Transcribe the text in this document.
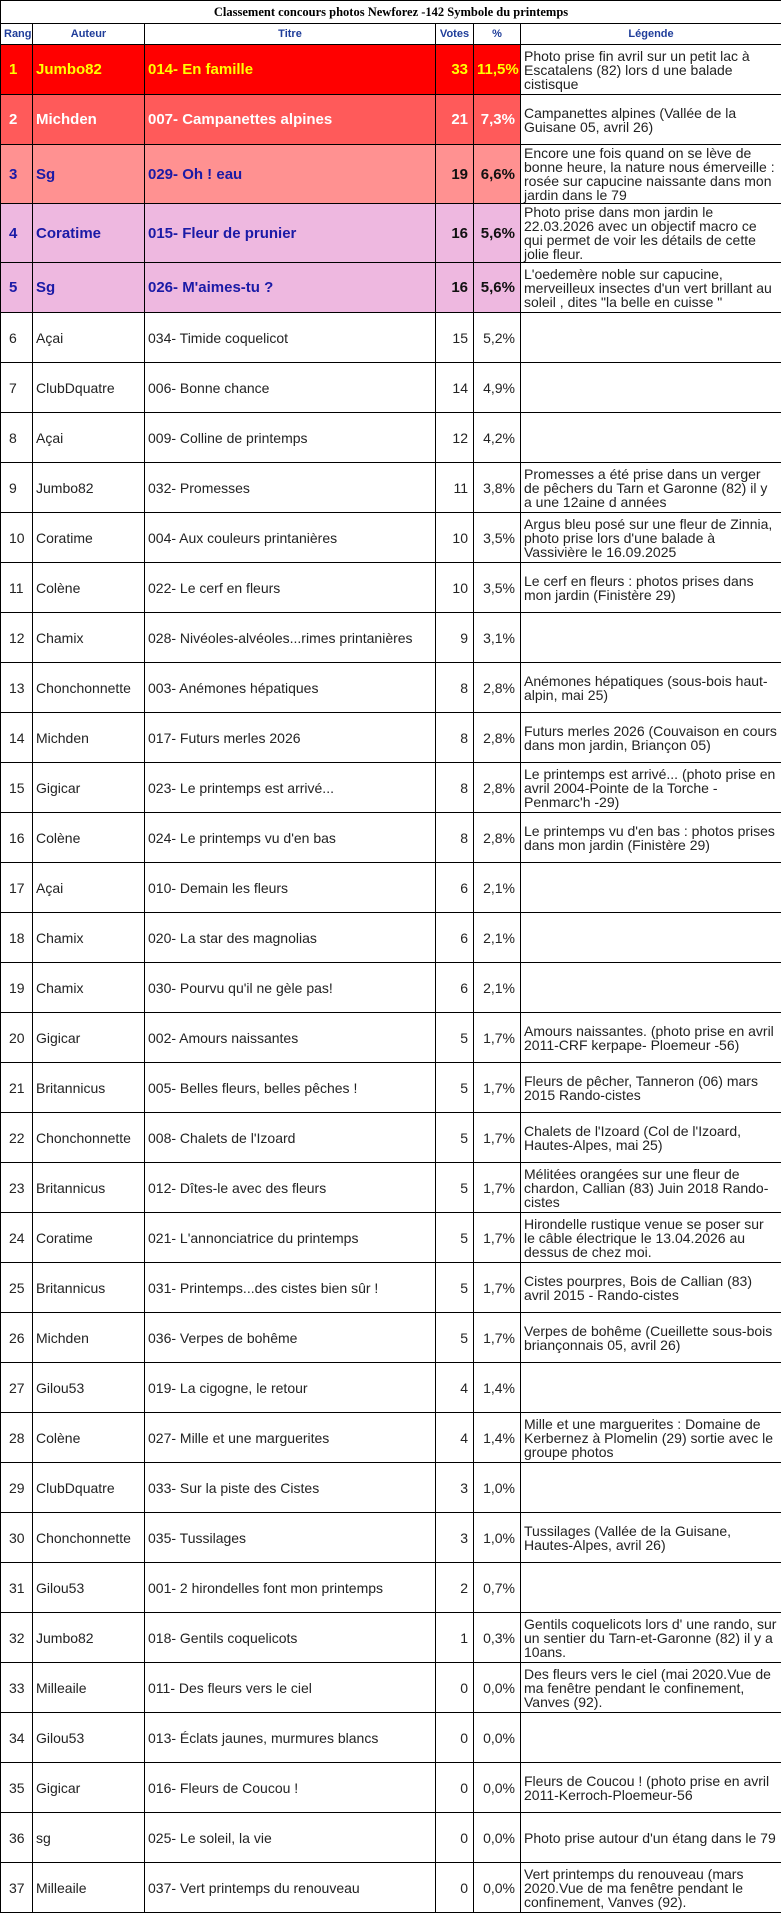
Classement concours photos Newforez -142 Symbole du printemps					
Rang	Auteur	Titre	Votes	%	Légende
1	Jumbo82	014- En famille	33	11,5%	Photo prise fin avril sur un petit lac à Escatalens (82) lors d une balade cistisque
2	Michden	007- Campanettes alpines	21	7,3%	Campanettes alpines (Vallée de la Guisane 05, avril 26)
3	Sg	029- Oh ! eau	19	6,6%	Encore une fois quand on se lève de bonne heure, la nature nous émerveille : rosée sur capucine naissante dans mon jardin dans le 79
4	Coratime	015- Fleur de prunier	16	5,6%	Photo prise dans mon jardin le 22.03.2026 avec un objectif macro ce qui permet de voir les détails de cette jolie fleur.
5	Sg	026- M'aimes-tu ?	16	5,6%	L'oedemère noble sur capucine, merveilleux insectes d'un vert brillant au soleil , dites "la belle en cuisse "
6	Açai	034- Timide coquelicot	15	5,2%	
7	ClubDquatre	006- Bonne chance	14	4,9%	
8	Açai	009- Colline de printemps	12	4,2%	
9	Jumbo82	032- Promesses	11	3,8%	Promesses a été prise dans un verger de pêchers du Tarn et Garonne (82) il y a une 12aine d années
10	Coratime	004- Aux couleurs printanières	10	3,5%	Argus bleu posé sur une fleur de Zinnia, photo prise lors d'une balade à Vassivière le 16.09.2025
11	Colène	022- Le cerf en fleurs	10	3,5%	Le cerf en fleurs : photos prises dans mon jardin (Finistère 29)
12	Chamix	028- Nivéoles-alvéoles...rimes printanières	9	3,1%	
13	Chonchonnette	003- Anémones hépatiques	8	2,8%	Anémones hépatiques (sous-bois haut-alpin, mai 25)
14	Michden	017- Futurs merles 2026	8	2,8%	Futurs merles 2026 (Couvaison en cours dans mon jardin, Briançon 05)
15	Gigicar	023- Le printemps est arrivé...	8	2,8%	Le printemps est arrivé... (photo prise en avril 2004-Pointe de la Torche - Penmarc'h -29)
16	Colène	024- Le printemps vu d'en bas	8	2,8%	Le printemps vu d'en bas : photos prises dans mon jardin (Finistère 29)
17	Açai	010- Demain les fleurs	6	2,1%	
18	Chamix	020- La star des magnolias	6	2,1%	
19	Chamix	030- Pourvu qu'il ne gèle pas!	6	2,1%	
20	Gigicar	002- Amours naissantes	5	1,7%	Amours naissantes. (photo prise en avril 2011-CRF kerpape- Ploemeur -56)
21	Britannicus	005- Belles fleurs, belles pêches !	5	1,7%	Fleurs de pêcher, Tanneron (06) mars 2015 Rando-cistes
22	Chonchonnette	008- Chalets de l'Izoard	5	1,7%	Chalets de l'Izoard (Col de l'Izoard, Hautes-Alpes, mai 25)
23	Britannicus	012- Dîtes-le avec des fleurs	5	1,7%	Mélitées orangées sur une fleur de chardon, Callian (83) Juin 2018 Rando-cistes
24	Coratime	021- L'annonciatrice du printemps	5	1,7%	Hirondelle rustique venue se poser sur le câble électrique le 13.04.2026 au dessus de chez moi.
25	Britannicus	031- Printemps...des cistes bien sûr !	5	1,7%	Cistes pourpres, Bois de Callian (83) avril 2015 - Rando-cistes
26	Michden	036- Verpes de bohême	5	1,7%	Verpes de bohême (Cueillette sous-bois briançonnais 05, avril 26)
27	Gilou53	019- La cigogne, le retour	4	1,4%	
28	Colène	027- Mille et une marguerites	4	1,4%	Mille et une marguerites : Domaine de Kerbernez à Plomelin (29) sortie avec le groupe photos
29	ClubDquatre	033- Sur la piste des Cistes	3	1,0%	
30	Chonchonnette	035- Tussilages	3	1,0%	Tussilages (Vallée de la Guisane, Hautes-Alpes, avril 26)
31	Gilou53	001- 2 hirondelles font mon printemps	2	0,7%	
32	Jumbo82	018- Gentils coquelicots	1	0,3%	Gentils coquelicots lors d' une rando, sur un sentier du Tarn-et-Garonne (82) il y a 10ans.
33	Milleaile	011- Des fleurs vers le ciel	0	0,0%	Des fleurs vers le ciel (mai 2020.Vue de ma fenêtre pendant le confinement, Vanves (92).
34	Gilou53	013- Éclats jaunes, murmures blancs	0	0,0%	
35	Gigicar	016- Fleurs de Coucou !	0	0,0%	Fleurs de Coucou ! (photo prise en avril 2011-Kerroch-Ploemeur-56
36	sg	025- Le soleil, la vie	0	0,0%	Photo prise autour d'un étang dans le 79
37	Milleaile	037- Vert printemps du renouveau	0	0,0%	Vert printemps du renouveau (mars 2020.Vue de ma fenêtre pendant le confinement, Vanves (92).
